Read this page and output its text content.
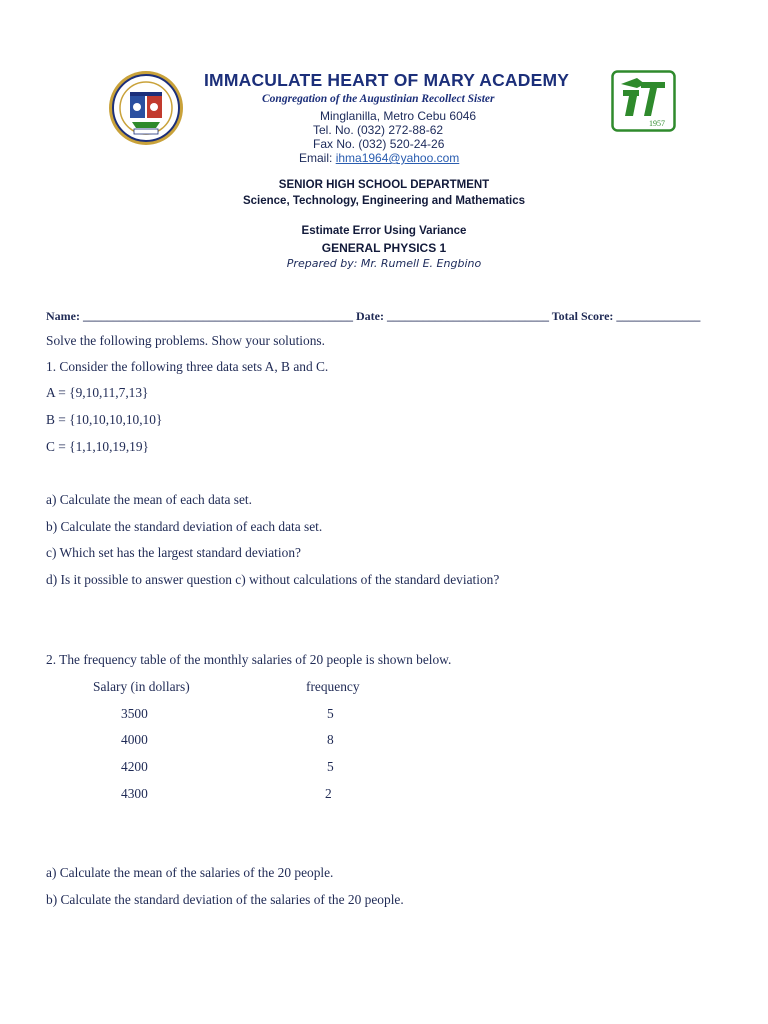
IMMACULATE HEART OF MARY ACADEMY
Congregation of the Augustinian Recollect Sister
Minglanilla, Metro Cebu 6046
Tel. No. (032) 272-88-62
Fax No. (032) 520-24-26
Email: ihma1964@yahoo.com
1957
SENIOR HIGH SCHOOL DEPARTMENT
Science, Technology, Engineering and Mathematics
Estimate Error Using Variance
GENERAL PHYSICS 1
Prepared by: Mr. Rumell E. Engbino
Name: _____________________________________________ Date: ___________________________ Total Score: ______________
Solve the following problems. Show your solutions.
1. Consider the following three data sets A, B and C.
A = {9,10,11,7,13}
B = {10,10,10,10,10}
C = {1,1,10,19,19}
a) Calculate the mean of each data set.
b) Calculate the standard deviation of each data set.
c) Which set has the largest standard deviation?
d) Is it possible to answer question c) without calculations of the standard deviation?
2. The frequency table of the monthly salaries of 20 people is shown below.
Salary (in dollars)	frequency
3500	5
4000	8
4200	5
4300	2
a) Calculate the mean of the salaries of the 20 people.
b) Calculate the standard deviation of the salaries of the 20 people.
